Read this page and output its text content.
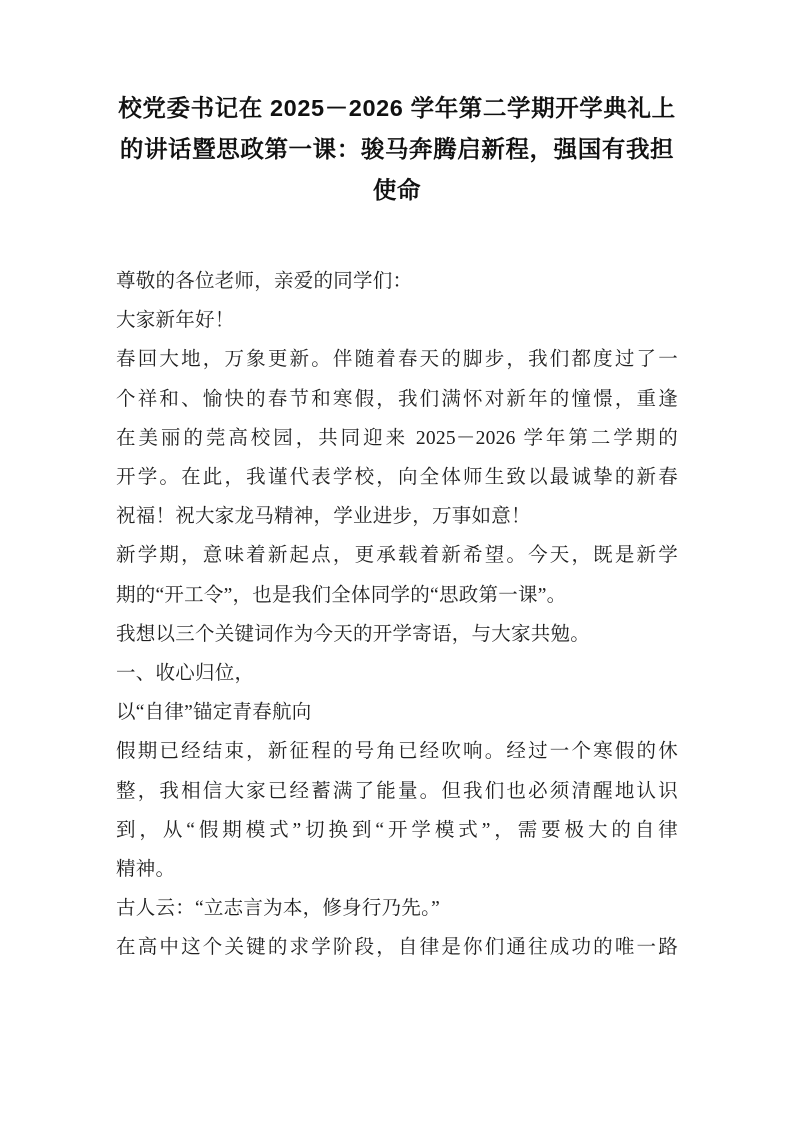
校党委书记在 2025－2026 学年第二学期开学典礼上
的讲话暨思政第一课：骏马奔腾启新程，强国有我担
使命
尊敬的各位老师，亲爱的同学们：
大家新年好！
春回大地，万象更新。伴随着春天的脚步，我们都度过了一
个祥和、愉快的春节和寒假，我们满怀对新年的憧憬，重逢
在美丽的莞高校园，共同迎来 2025－2026 学年第二学期的
开学。在此，我谨代表学校，向全体师生致以最诚挚的新春
祝福！祝大家龙马精神，学业进步，万事如意！
新学期，意味着新起点，更承载着新希望。今天，既是新学
期的“开工令”，也是我们全体同学的“思政第一课”。
我想以三个关键词作为今天的开学寄语，与大家共勉。
一、收心归位，
以“自律”锚定青春航向
假期已经结束，新征程的号角已经吹响。经过一个寒假的休
整，我相信大家已经蓄满了能量。但我们也必须清醒地认识
到，从“假期模式”切换到“开学模式”，需要极大的自律
精神。
古人云：“立志言为本，修身行乃先。”
在高中这个关键的求学阶段，自律是你们通往成功的唯一路
